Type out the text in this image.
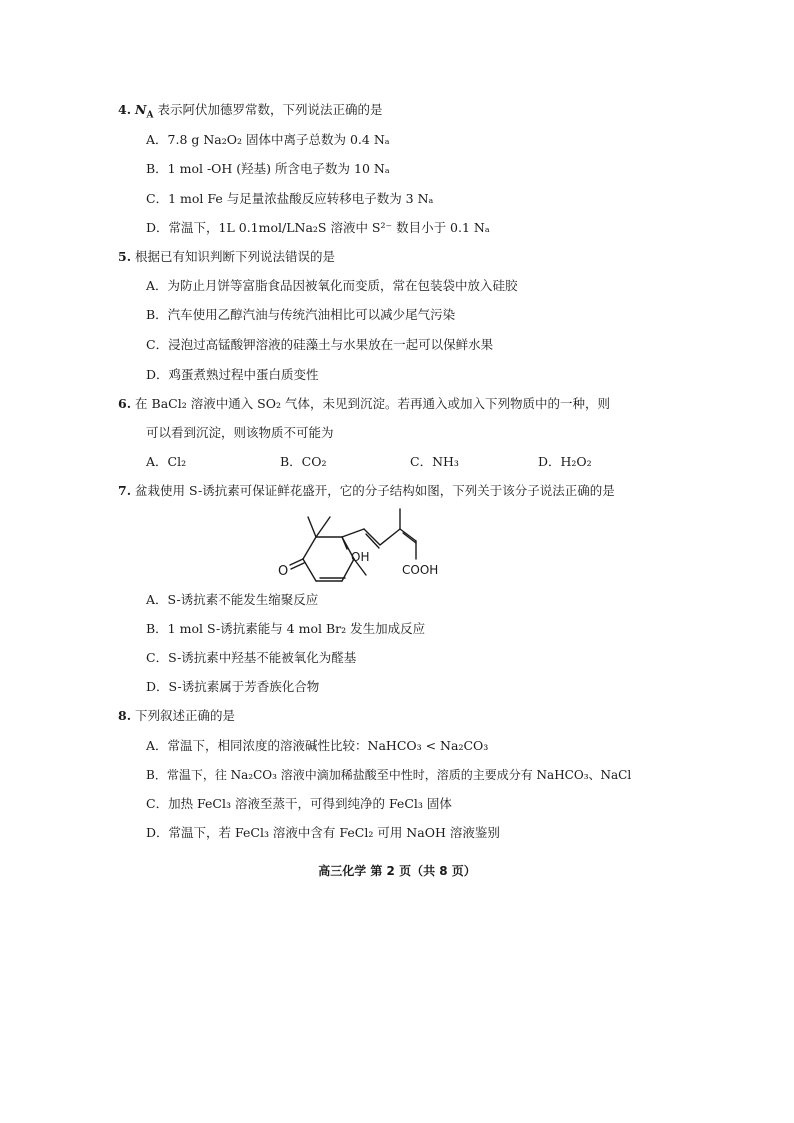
4. $N_A$ 表示阿伏加德罗常数，下列说法正确的是
A．7.8 g Na₂O₂ 固体中离子总数为 0.4 Nₐ
B．1 mol -OH (羟基) 所含电子数为 10 Nₐ
C．1 mol Fe 与足量浓盐酸反应转移电子数为 3 Nₐ
D．常温下，1L 0.1mol/LNa₂S 溶液中 S²⁻ 数目小于 0.1 Nₐ
5. 根据已有知识判断下列说法错误的是
A．为防止月饼等富脂食品因被氧化而变质，常在包装袋中放入硅胶
B．汽车使用乙醇汽油与传统汽油相比可以减少尾气污染
C．浸泡过高锰酸钾溶液的硅藻土与水果放在一起可以保鲜水果
D．鸡蛋煮熟过程中蛋白质变性
6. 在 BaCl₂ 溶液中通入 SO₂ 气体，未见到沉淀。若再通入或加入下列物质中的一种，则
可以看到沉淀，则该物质不可能为
A．Cl₂	B．CO₂	C．NH₃	D．H₂O₂
7. 盆栽使用 S-诱抗素可保证鲜花盛开，它的分子结构如图，下列关于该分子说法正确的是
OH
COOH
O
A．S-诱抗素不能发生缩聚反应
B．1 mol S-诱抗素能与 4 mol Br₂ 发生加成反应
C．S-诱抗素中羟基不能被氧化为醛基
D．S-诱抗素属于芳香族化合物
8. 下列叙述正确的是
A．常温下，相同浓度的溶液碱性比较：NaHCO₃ < Na₂CO₃
B．常温下，往 Na₂CO₃ 溶液中滴加稀盐酸至中性时，溶质的主要成分有 NaHCO₃、NaCl
C．加热 FeCl₃ 溶液至蒸干，可得到纯净的 FeCl₃ 固体
D．常温下，若 FeCl₃ 溶液中含有 FeCl₂ 可用 NaOH 溶液鉴别
高三化学 第 2 页（共 8 页）
